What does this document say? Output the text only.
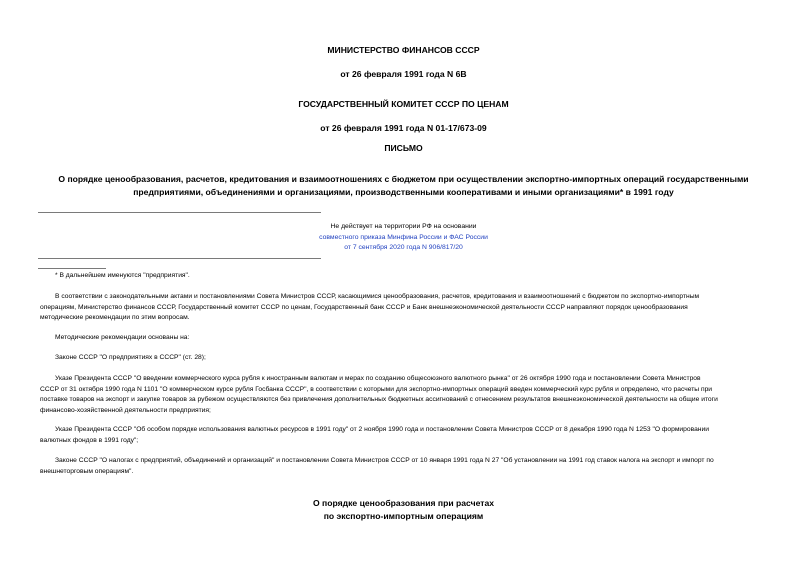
МИНИСТЕРСТВО ФИНАНСОВ СССР
от 26 февраля 1991 года N 6В
ГОСУДАРСТВЕННЫЙ КОМИТЕТ СССР ПО ЦЕНАМ
от 26 февраля 1991 года N 01-17/673-09
ПИСЬМО
О порядке ценообразования, расчетов, кредитования и взаимоотношениях с бюджетом при осуществлении экспортно-импортных операций государственными
предприятиями, объединениями и организациями, производственными кооперативами и иными организациями* в 1991 году
Не действует на территории РФ на основании
совместного приказа Минфина России и ФАС России
от 7 сентября 2020 года N 906/817/20
* В дальнейшем именуются "предприятия".
В соответствии с законодательными актами и постановлениями Совета Министров СССР, касающимися ценообразования, расчетов, кредитования и взаимоотношений с бюджетом по экспортно-импортным
операциям, Министерство финансов СССР, Государственный комитет СССР по ценам, Государственный банк СССР и Банк внешнеэкономической деятельности СССР направляют порядок ценообразования
методические рекомендации по этим вопросам.
Методические рекомендации основаны на:
Законе СССР "О предприятиях в СССР" (ст. 28);
Указе Президента СССР "О введении коммерческого курса рубля к иностранным валютам и мерах по созданию общесоюзного валютного рынка" от 26 октября 1990 года и постановлении Совета Министров
СССР от 31 октября 1990 года N 1101 "О коммерческом курсе рубля Госбанка СССР", в соответствии с которыми для экспортно-импортных операций введен коммерческий курс рубля и определено, что расчеты при
поставке товаров на экспорт и закупке товаров за рубежом осуществляются без привлечения дополнительных бюджетных ассигнований с отнесением результатов внешнеэкономической деятельности на общие итоги
финансово-хозяйственной деятельности предприятия;
Указе Президента СССР "Об особом порядке использования валютных ресурсов в 1991 году" от 2 ноября 1990 года и постановлении Совета Министров СССР от 8 декабря 1990 года N 1253 "О формировании
валютных фондов в 1991 году";
Законе СССР "О налогах с предприятий, объединений и организаций" и постановлении Совета Министров СССР от 10 января 1991 года N 27 "Об установлении на 1991 год ставок налога на экспорт и импорт по
внешнеторговым операциям".
О порядке ценообразования при расчетах
по экспортно-импортным операциям
